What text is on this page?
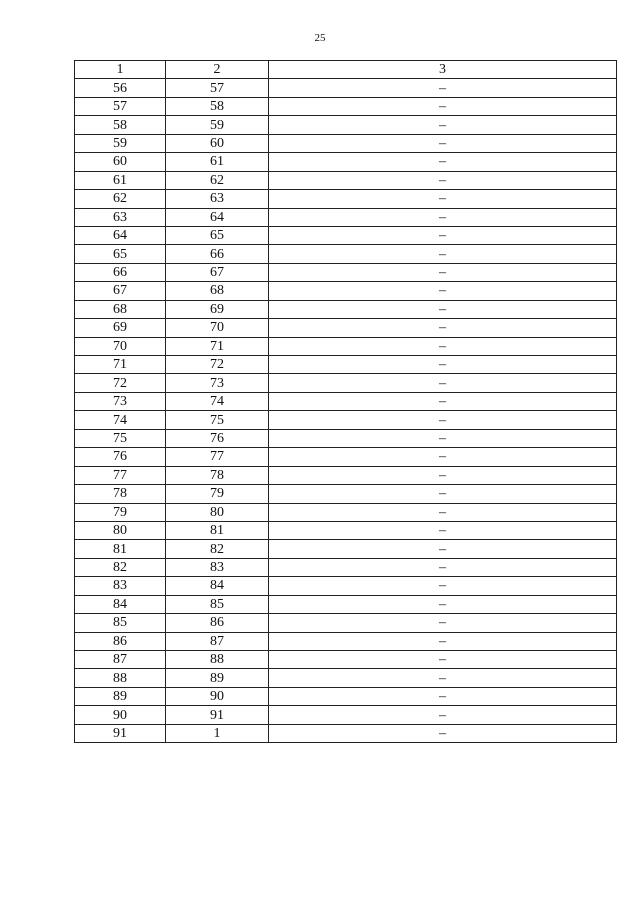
25
1	2	3
56	57	–
57	58	–
58	59	–
59	60	–
60	61	–
61	62	–
62	63	–
63	64	–
64	65	–
65	66	–
66	67	–
67	68	–
68	69	–
69	70	–
70	71	–
71	72	–
72	73	–
73	74	–
74	75	–
75	76	–
76	77	–
77	78	–
78	79	–
79	80	–
80	81	–
81	82	–
82	83	–
83	84	–
84	85	–
85	86	–
86	87	–
87	88	–
88	89	–
89	90	–
90	91	–
91	1	–
